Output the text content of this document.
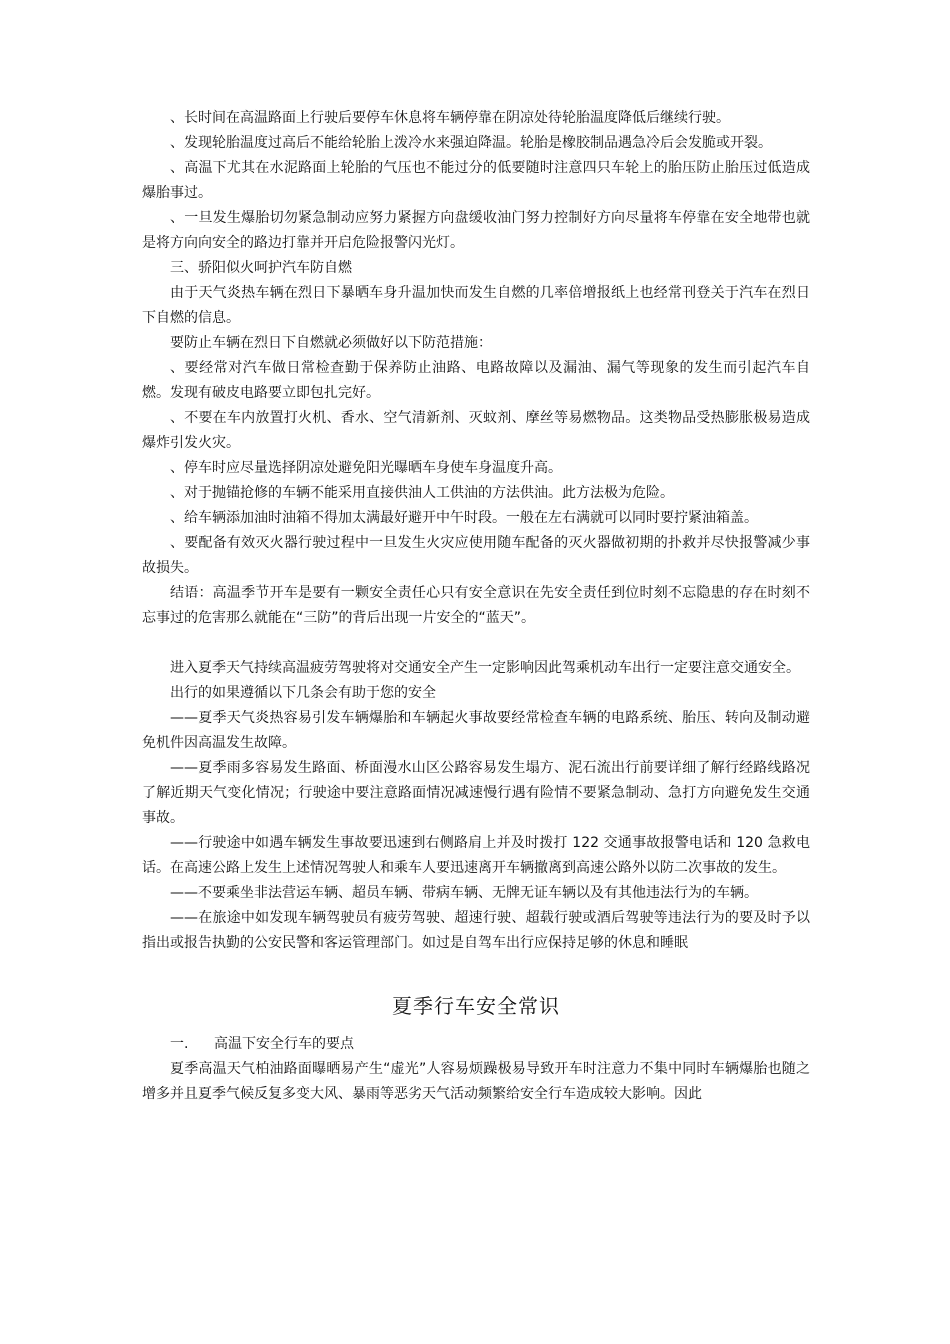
、长时间在高温路面上行驶后要停车休息将车辆停靠在阴凉处待轮胎温度降低后继续行驶。

、发现轮胎温度过高后不能给轮胎上泼冷水来强迫降温。轮胎是橡胶制品遇急冷后会发脆或开裂。

、高温下尤其在水泥路面上轮胎的气压也不能过分的低要随时注意四只车轮上的胎压防止胎压过低造成爆胎事过。

、一旦发生爆胎切勿紧急制动应努力紧握方向盘缓收油门努力控制好方向尽量将车停靠在安全地带也就是将方向向安全的路边打靠并开启危险报警闪光灯。

三、骄阳似火呵护汽车防自燃

由于天气炎热车辆在烈日下暴晒车身升温加快而发生自燃的几率倍增报纸上也经常刊登关于汽车在烈日下自燃的信息。

要防止车辆在烈日下自燃就必须做好以下防范措施：

、要经常对汽车做日常检查勤于保养防止油路、电路故障以及漏油、漏气等现象的发生而引起汽车自燃。发现有破皮电路要立即包扎完好。

、不要在车内放置打火机、香水、空气清新剂、灭蚊剂、摩丝等易燃物品。这类物品受热膨胀极易造成爆炸引发火灾。

、停车时应尽量选择阴凉处避免阳光曝晒车身使车身温度升高。

、对于抛锚抢修的车辆不能采用直接供油人工供油的方法供油。此方法极为危险。

、给车辆添加油时油箱不得加太满最好避开中午时段。一般在左右满就可以同时要拧紧油箱盖。

、要配备有效灭火器行驶过程中一旦发生火灾应使用随车配备的灭火器做初期的扑救并尽快报警减少事故损失。

结语：高温季节开车是要有一颗安全责任心只有安全意识在先安全责任到位时刻不忘隐患的存在时刻不忘事过的危害那么就能在“三防”的背后出现一片安全的“蓝天”。

进入夏季天气持续高温疲劳驾驶将对交通安全产生一定影响因此驾乘机动车出行一定要注意交通安全。

出行的如果遵循以下几条会有助于您的安全

——夏季天气炎热容易引发车辆爆胎和车辆起火事故要经常检查车辆的电路系统、胎压、转向及制动避免机件因高温发生故障。

——夏季雨多容易发生路面、桥面漫水山区公路容易发生塌方、泥石流出行前要详细了解行经路线路况了解近期天气变化情况；行驶途中要注意路面情况减速慢行遇有险情不要紧急制动、急打方向避免发生交通事故。

——行驶途中如遇车辆发生事故要迅速到右侧路肩上并及时拨打 122 交通事故报警电话和 120 急救电话。在高速公路上发生上述情况驾驶人和乘车人要迅速离开车辆撤离到高速公路外以防二次事故的发生。

——不要乘坐非法营运车辆、超员车辆、带病车辆、无牌无证车辆以及有其他违法行为的车辆。

——在旅途中如发现车辆驾驶员有疲劳驾驶、超速行驶、超载行驶或酒后驾驶等违法行为的要及时予以指出或报告执勤的公安民警和客运管理部门。如过是自驾车出行应保持足够的休息和睡眠

夏季行车安全常识

一. 高温下安全行车的要点

夏季高温天气柏油路面曝晒易产生“虚光”人容易烦躁极易导致开车时注意力不集中同时车辆爆胎也随之增多并且夏季气候反复多变大风、暴雨等恶劣天气活动频繁给安全行车造成较大影响。因此
